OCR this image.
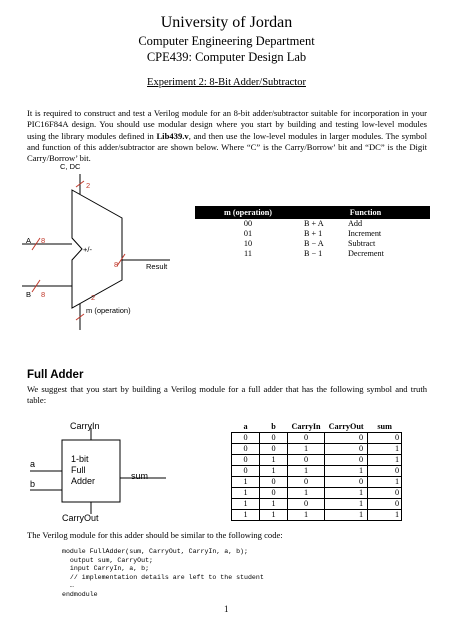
University of Jordan
Computer Engineering Department
CPE439: Computer Design Lab
Experiment 2: 8-Bit Adder/Subtractor
It is required to construct and test a Verilog module for an 8-bit adder/subtractor suitable for incorporation in your PIC16F84A design. You should use modular design where you start by building and testing low-level modules using the library modules defined in Lib439.v, and then use the low-level modules in larger modules. The symbol and function of this adder/subtractor are shown below. Where “C” is the Carry/Borrow’ bit and “DC” is the Digit Carry/Borrow’ bit.
C, DC
2
A 8
+/-
8	Result
B 8	2
m (operation)
m (operation)	Function
00	B + A Add
01	B + 1 Increment
10	B − A Subtract
11	B − 1 Decrement
Full Adder
We suggest that you start by building a Verilog module for a full adder that has the following symbol and truth table:
CarryIn
a
b
1-bit
Full
Adder	sum
CarryOut
a	b	CarryIn	CarryOut	sum
0	0	0	0	0
0	0	1	0	1
0	1	0	0	1
0	1	1	1	0
1	0	0	0	1
1	0	1	1	0
1	1	0	1	0
1	1	1	1	1
The Verilog module for this adder should be similar to the following code:
module FullAdder(sum, CarryOut, CarryIn, a, b);
output sum, CarryOut;
input CarryIn, a, b;
// implementation details are left to the student
…
endmodule
1
